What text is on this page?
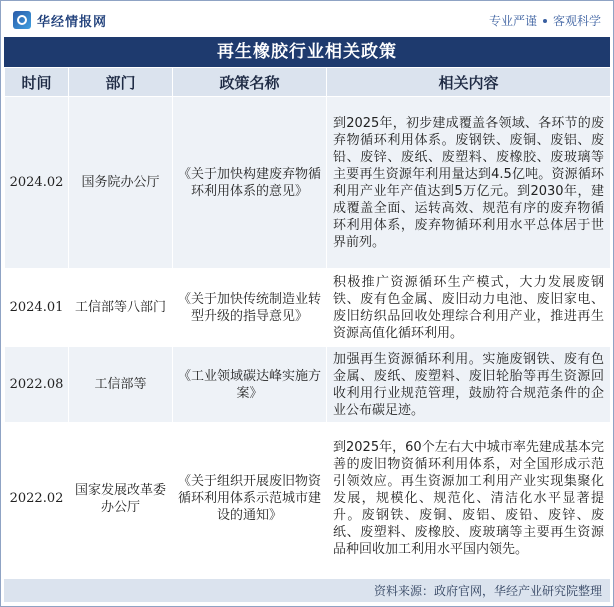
华经情报网	专业严谨 客观科学
再生橡胶行业相关政策
时间	部门	政策名称	相关内容
2024.02	国务院办公厅	《关于加快构建废弃物循环利用体系的意见》	到2025年，初步建成覆盖各领域、各环节的废弃物循环利用体系。废钢铁、废铜、废铝、废铅、废锌、废纸、废塑料、废橡胶、废玻璃等主要再生资源年利用量达到4.5亿吨。资源循环利用产业年产值达到5万亿元。到2030年，建成覆盖全面、运转高效、规范有序的废弃物循环利用体系，废弃物循环利用水平总体居于世界前列。
2024.01	工信部等八部门	《关于加快传统制造业转型升级的指导意见》	积极推广资源循环生产模式，大力发展废钢铁、废有色金属、废旧动力电池、废旧家电、废旧纺织品回收处理综合利用产业，推进再生资源高值化循环利用。
2022.08	工信部等	《工业领域碳达峰实施方案》	加强再生资源循环利用。实施废钢铁、废有色金属、废纸、废塑料、废旧轮胎等再生资源回收利用行业规范管理，鼓励符合规范条件的企业公布碳足迹。
2022.02	国家发展改革委办公厅	《关于组织开展废旧物资循环利用体系示范城市建设的通知》	到2025年，60个左右大中城市率先建成基本完善的废旧物资循环利用体系，对全国形成示范引领效应。再生资源加工利用产业实现集聚化发展，规模化、规范化、清洁化水平显著提升。废钢铁、废铜、废铝、废铅、废锌、废纸、废塑料、废橡胶、废玻璃等主要再生资源品种回收加工利用水平国内领先。
资料来源：政府官网，华经产业研究院整理
